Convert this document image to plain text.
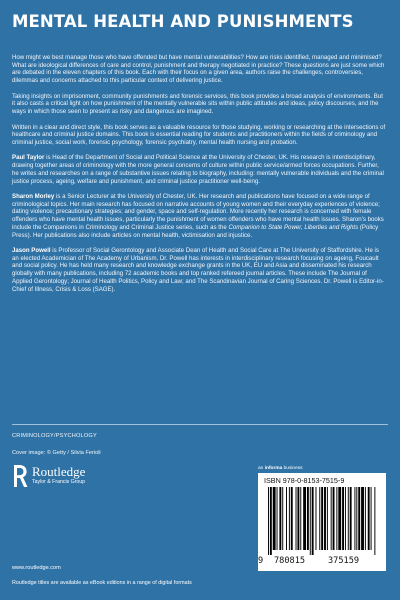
MENTAL HEALTH AND PUNISHMENTS

How might we best manage those who have offended but have mental vulnerabilities? How are risks identified, managed and minimised? What are ideological differences of care and control, punishment and therapy negotiated in practice? These questions are just some which are debated in the eleven chapters of this book. Each with their focus on a given area, authors raise the challenges, controversies, dilemmas and concerns attached to this particular context of delivering justice.

Taking insights on imprisonment, community punishments and forensic services, this book provides a broad analysis of environments. But it also casts a critical light on how punishment of the mentally vulnerable sits within public attitudes and ideas, policy discourses, and the ways in which those seen to present as risky and dangerous are imagined.

Written in a clear and direct style, this book serves as a valuable resource for those studying, working or researching at the intersections of healthcare and criminal justice domains. This book is essential reading for students and practitioners within the fields of criminology and criminal justice, social work, forensic psychology, forensic psychiatry, mental health nursing and probation.

Paul Taylor is Head of the Department of Social and Political Science at the University of Chester, UK. His research is interdisciplinary, drawing together areas of criminology with the more general concerns of culture within public service/armed forces occupations. Further, he writes and researches on a range of substantive issues relating to biography, including: mentally vulnerable individuals and the criminal justice process, ageing, welfare and punishment, and criminal justice practitioner well-being.

Sharon Morley is a Senior Lecturer at the University of Chester, UK. Her research and publications have focused on a wide range of criminological topics. Her main research has focused on narrative accounts of young women and their everyday experiences of violence; dating violence; precautionary strategies; and gender, space and self-regulation. More recently her research is concerned with female offenders who have mental health issues, particularly the punishment of women offenders who have mental health issues. Sharon's books include the Companions in Criminology and Criminal Justice series, such as the Companion to State Power, Liberties and Rights (Policy Press). Her publications also include articles on mental health, victimisation and injustice.

Jason Powell is Professor of Social Gerontology and Associate Dean of Health and Social Care at The University of Staffordshire. He is an elected Academician of The Academy of Urbanism. Dr. Powell has interests in interdisciplinary research focusing on ageing, Foucault and social policy. He has held many research and knowledge exchange grants in the UK, EU and Asia and disseminated his research globally with many publications, including 72 academic books and top ranked refereed journal articles. These include The Journal of Applied Gerontology; Journal of Health Politics, Policy and Law; and The Scandinavian Journal of Caring Sciences. Dr. Powell is Editor-in-Chief of Illness, Crisis & Loss (SAGE).

CRIMINOLOGY/PSYCHOLOGY
Cover image: © Getty / Silvia Ferioli
Routledge
Taylor & Francis Group
www.routledge.com
Routledge titles are available as eBook editions in a range of digital formats
an informa business
ISBN 978-0-8153-7515-9
9 780815	375159
